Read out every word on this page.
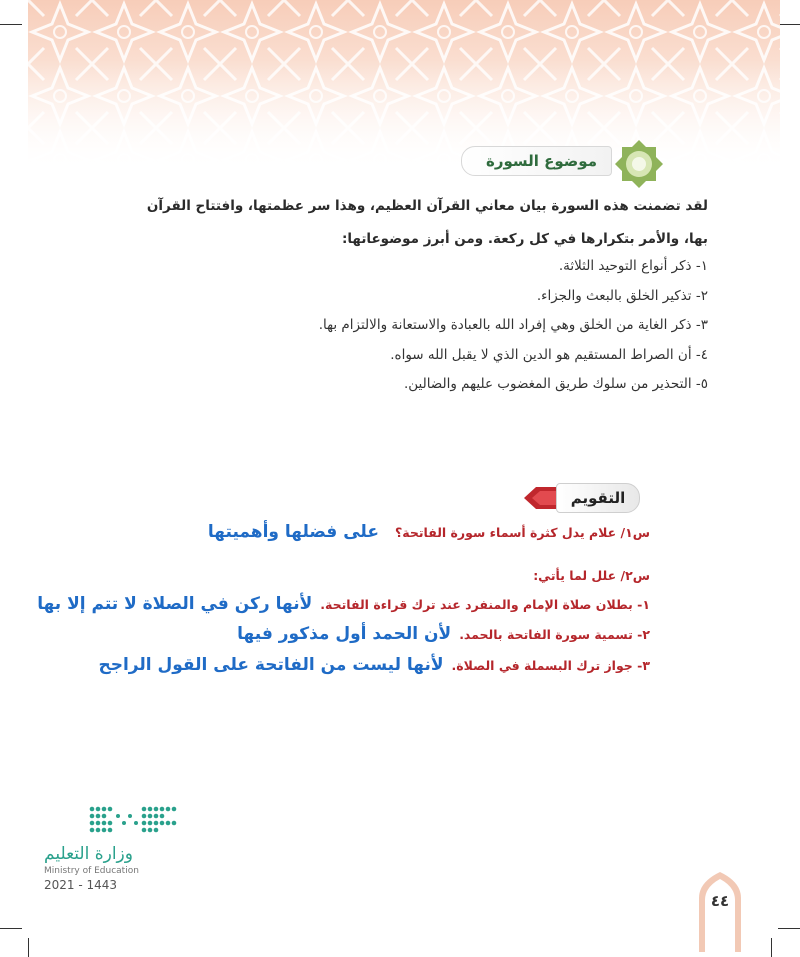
موضوع السورة
لقد تضمنت هذه السورة بيان معاني القرآن العظيم، وهذا سر عظمتها، وافتتاح القرآن
بها، والأمر بتكرارها في كل ركعة. ومن أبرز موضوعاتها:
١- ذكر أنواع التوحيد الثلاثة.
٢- تذكير الخلق بالبعث والجزاء.
٣- ذكر الغاية من الخلق وهي إفراد الله بالعبادة والاستعانة والالتزام بها.
٤- أن الصراط المستقيم هو الدين الذي لا يقبل الله سواه.
٥- التحذير من سلوك طريق المغضوب عليهم والضالين.
التقويم
س١/ علام يدل كثرة أسماء سورة الفاتحة؟
على فضلها وأهميتها
س٢/ علل لما يأتي:
١- بطلان صلاة الإمام والمنفرد عند ترك قراءة الفاتحة.
لأنها ركن في الصلاة لا تتم إلا بها
٢- تسمية سورة الفاتحة بالحمد.
لأن الحمد أول مذكور فيها
٣- جواز ترك البسملة في الصلاة.
لأنها ليست من الفاتحة على القول الراجح
وزارة التعليم
Ministry of Education
2021 - 1443
٤٤
